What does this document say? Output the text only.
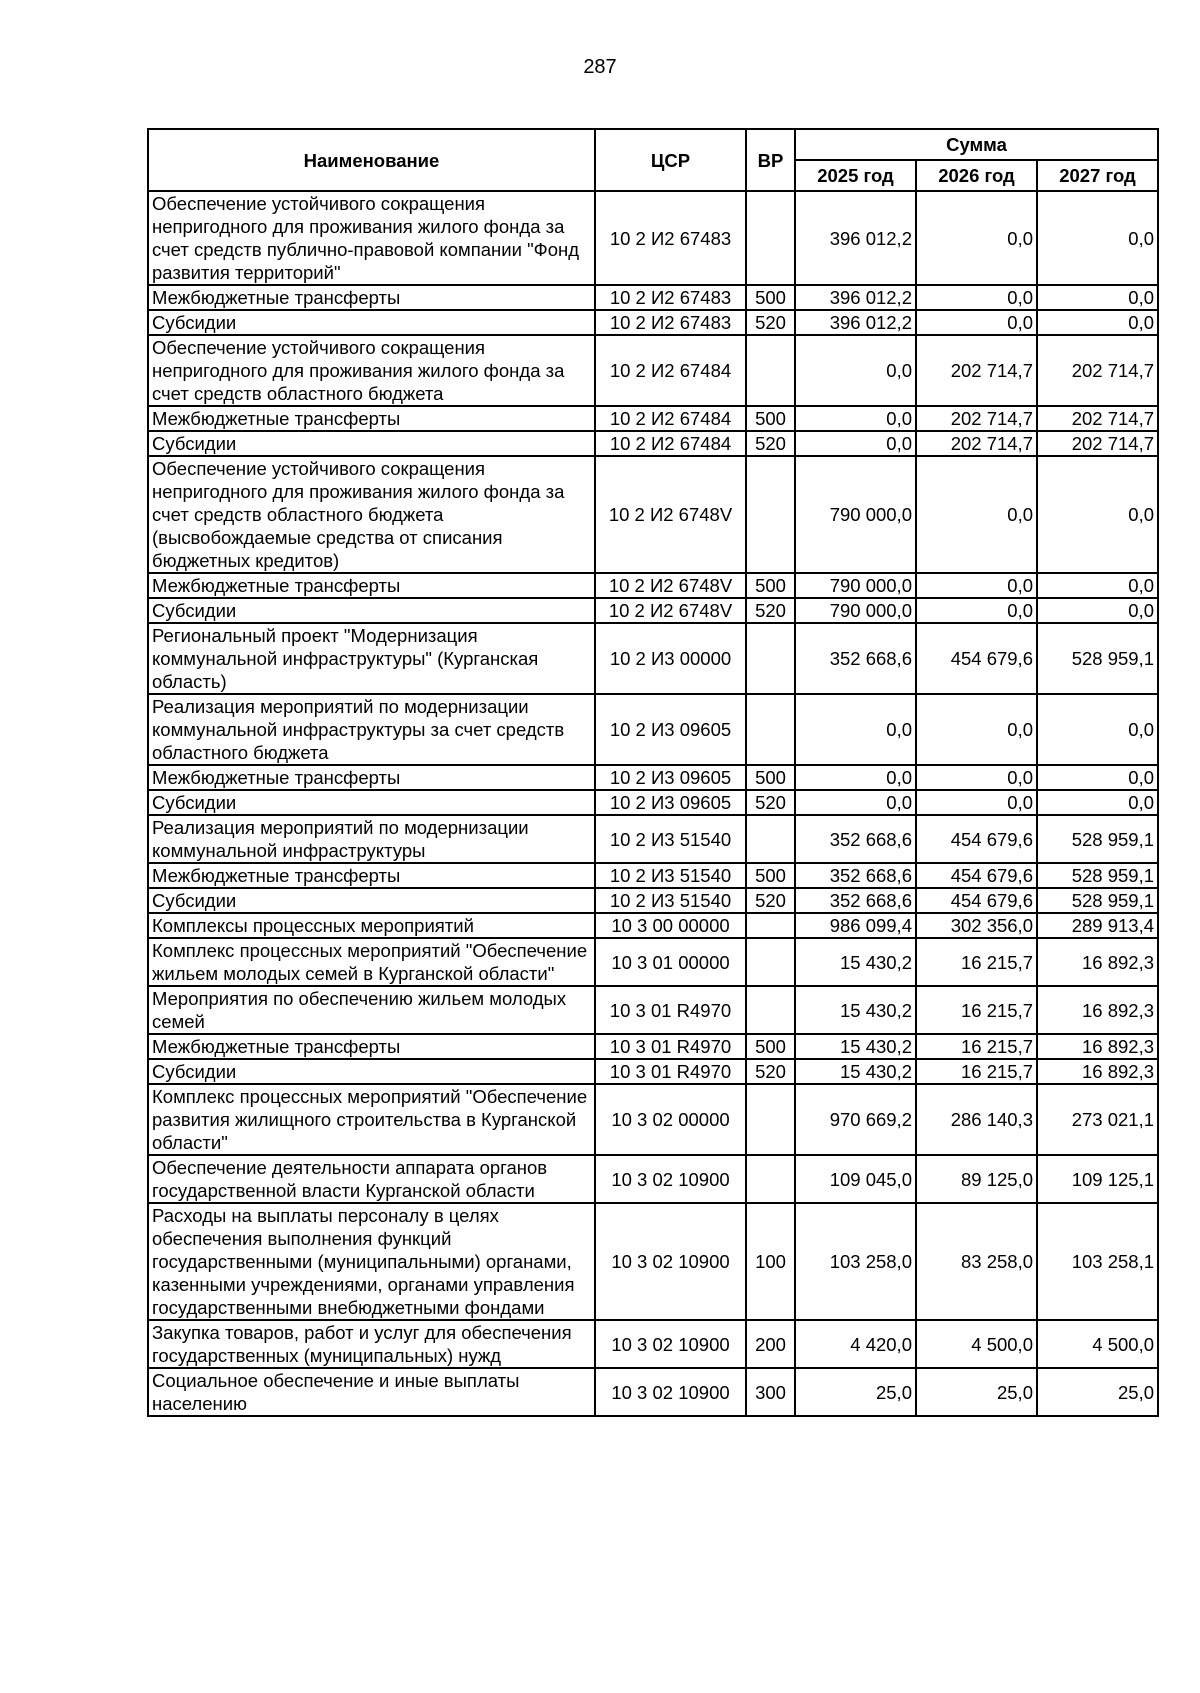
287
Наименование	ЦСР	ВР	Сумма		
			2025 год	2026 год	2027 год
Обеспечение устойчивого сокращения непригодного для проживания жилого фонда за счет средств публично-правовой компании "Фонд развития территорий"	10 2 И2 67483		396 012,2	0,0	0,0
Межбюджетные трансферты	10 2 И2 67483	500	396 012,2	0,0	0,0
Субсидии	10 2 И2 67483	520	396 012,2	0,0	0,0
Обеспечение устойчивого сокращения непригодного для проживания жилого фонда за счет средств областного бюджета	10 2 И2 67484		0,0	202 714,7	202 714,7
Межбюджетные трансферты	10 2 И2 67484	500	0,0	202 714,7	202 714,7
Субсидии	10 2 И2 67484	520	0,0	202 714,7	202 714,7
Обеспечение устойчивого сокращения непригодного для проживания жилого фонда за счет средств областного бюджета (высвобождаемые средства от списания бюджетных кредитов)	10 2 И2 6748V		790 000,0	0,0	0,0
Межбюджетные трансферты	10 2 И2 6748V	500	790 000,0	0,0	0,0
Субсидии	10 2 И2 6748V	520	790 000,0	0,0	0,0
Региональный проект "Модернизация коммунальной инфраструктуры" (Курганская область)	10 2 И3 00000		352 668,6	454 679,6	528 959,1
Реализация мероприятий по модернизации коммунальной инфраструктуры за счет средств областного бюджета	10 2 И3 09605		0,0	0,0	0,0
Межбюджетные трансферты	10 2 И3 09605	500	0,0	0,0	0,0
Субсидии	10 2 И3 09605	520	0,0	0,0	0,0
Реализация мероприятий по модернизации коммунальной инфраструктуры	10 2 И3 51540		352 668,6	454 679,6	528 959,1
Межбюджетные трансферты	10 2 И3 51540	500	352 668,6	454 679,6	528 959,1
Субсидии	10 2 И3 51540	520	352 668,6	454 679,6	528 959,1
Комплексы процессных мероприятий	10 3 00 00000		986 099,4	302 356,0	289 913,4
Комплекс процессных мероприятий "Обеспечение жильем молодых семей в Курганской области"	10 3 01 00000		15 430,2	16 215,7	16 892,3
Мероприятия по обеспечению жильем молодых семей	10 3 01 R4970		15 430,2	16 215,7	16 892,3
Межбюджетные трансферты	10 3 01 R4970	500	15 430,2	16 215,7	16 892,3
Субсидии	10 3 01 R4970	520	15 430,2	16 215,7	16 892,3
Комплекс процессных мероприятий "Обеспечение развития жилищного строительства в Курганской области"	10 3 02 00000		970 669,2	286 140,3	273 021,1
Обеспечение деятельности аппарата органов государственной власти Курганской области	10 3 02 10900		109 045,0	89 125,0	109 125,1
Расходы на выплаты персоналу в целях обеспечения выполнения функций государственными (муниципальными) органами, казенными учреждениями, органами управления государственными внебюджетными фондами	10 3 02 10900	100	103 258,0	83 258,0	103 258,1
Закупка товаров, работ и услуг для обеспечения государственных (муниципальных) нужд	10 3 02 10900	200	4 420,0	4 500,0	4 500,0
Социальное обеспечение и иные выплаты населению	10 3 02 10900	300	25,0	25,0	25,0
